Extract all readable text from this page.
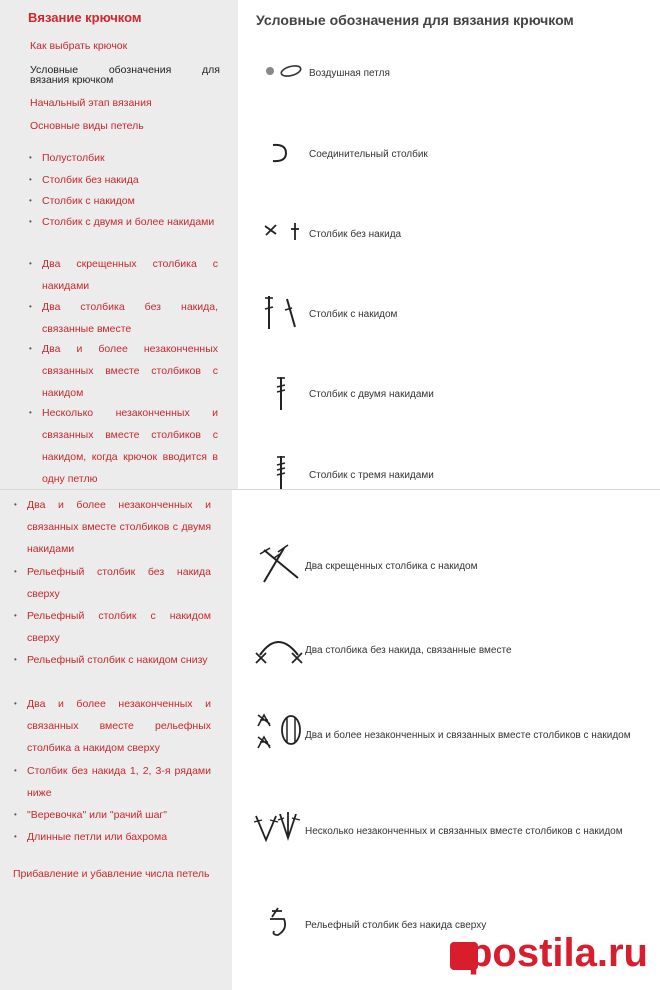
Вязание крючком
Как выбрать крючок
Условные  обозначения  для
вязания крючком
Начальный этап вязания
Основные виды петель
• Полустолбик
• Столбик без накида
• Столбик с накидом
• Столбик с двумя и более накидами
• Два скрещенных столбика с накидами
• Два столбика без накида, связанные вместе
• Два и более незаконченных связанных вместе столбиков с накидом
• Несколько незаконченных и связанных вместе столбиков с накидом, когда крючок вводится в одну петлю
Условные обозначения для вязания крючком
Воздушная петля
Соединительный столбик
Столбик без накида
Столбик с накидом
Столбик с двумя накидами
Столбик с тремя накидами
• Два и более незаконченных и связанных вместе столбиков с двумя накидами
• Рельефный столбик без накида сверху
• Рельефный столбик с накидом сверху
• Рельефный столбик с накидом снизу
• Два и более незаконченных и связанных вместе рельефных столбика а накидом сверху
• Столбик без накида 1, 2, 3-я рядами ниже
• "Веревочка" или "рачий шаг"
• Длинные петли или бахрома
Прибавление и убавление числа петель
Два скрещенных столбика с накидом
Два столбика без накида, связанные вместе
Два и более незаконченных и связанных вместе столбиков с накидом
Несколько незаконченных и связанных вместе столбиков с накидом
Рельефный столбик без накида сверху
postila.ru
